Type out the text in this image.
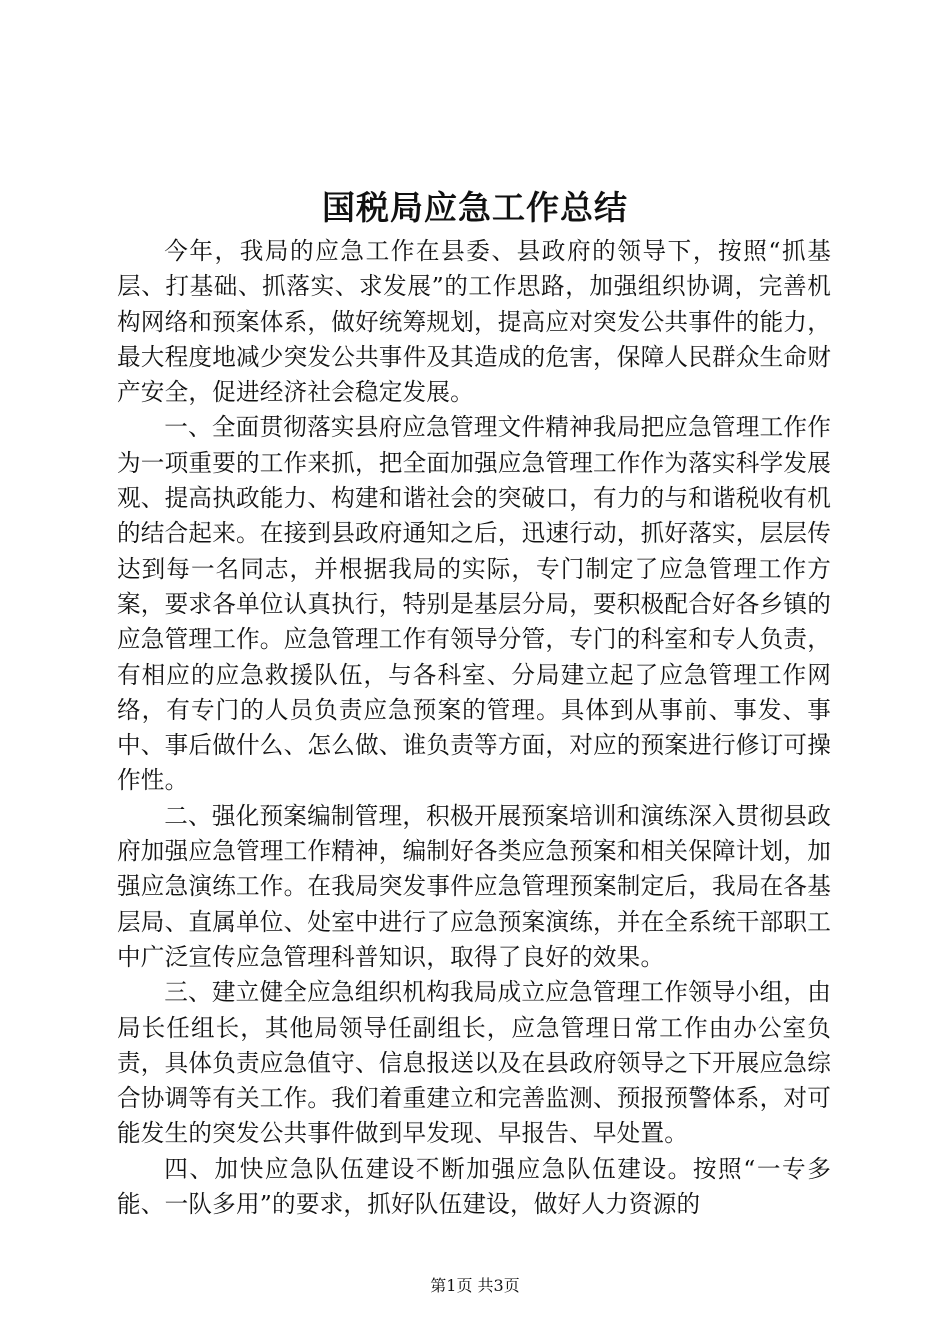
国税局应急工作总结

今年，我局的应急工作在县委、县政府的领导下，按照“抓基层、打基础、抓落实、求发展”的工作思路，加强组织协调，完善机构网络和预案体系，做好统筹规划，提高应对突发公共事件的能力，最大程度地减少突发公共事件及其造成的危害，保障人民群众生命财产安全，促进经济社会稳定发展。

一、全面贯彻落实县府应急管理文件精神我局把应急管理工作作为一项重要的工作来抓，把全面加强应急管理工作作为落实科学发展观、提高执政能力、构建和谐社会的突破口，有力的与和谐税收有机的结合起来。在接到县政府通知之后，迅速行动，抓好落实，层层传达到每一名同志，并根据我局的实际，专门制定了应急管理工作方案，要求各单位认真执行，特别是基层分局，要积极配合好各乡镇的应急管理工作。应急管理工作有领导分管，专门的科室和专人负责，有相应的应急救援队伍，与各科室、分局建立起了应急管理工作网络，有专门的人员负责应急预案的管理。具体到从事前、事发、事中、事后做什么、怎么做、谁负责等方面，对应的预案进行修订可操作性。

二、强化预案编制管理，积极开展预案培训和演练深入贯彻县政府加强应急管理工作精神，编制好各类应急预案和相关保障计划，加强应急演练工作。在我局突发事件应急管理预案制定后，我局在各基层局、直属单位、处室中进行了应急预案演练，并在全系统干部职工中广泛宣传应急管理科普知识，取得了良好的效果。

三、建立健全应急组织机构我局成立应急管理工作领导小组，由局长任组长，其他局领导任副组长，应急管理日常工作由办公室负责，具体负责应急值守、信息报送以及在县政府领导之下开展应急综合协调等有关工作。我们着重建立和完善监测、预报预警体系，对可能发生的突发公共事件做到早发现、早报告、早处置。

四、加快应急队伍建设不断加强应急队伍建设。按照“一专多能、一队多用”的要求，抓好队伍建设，做好人力资源的

第1页 共3页
